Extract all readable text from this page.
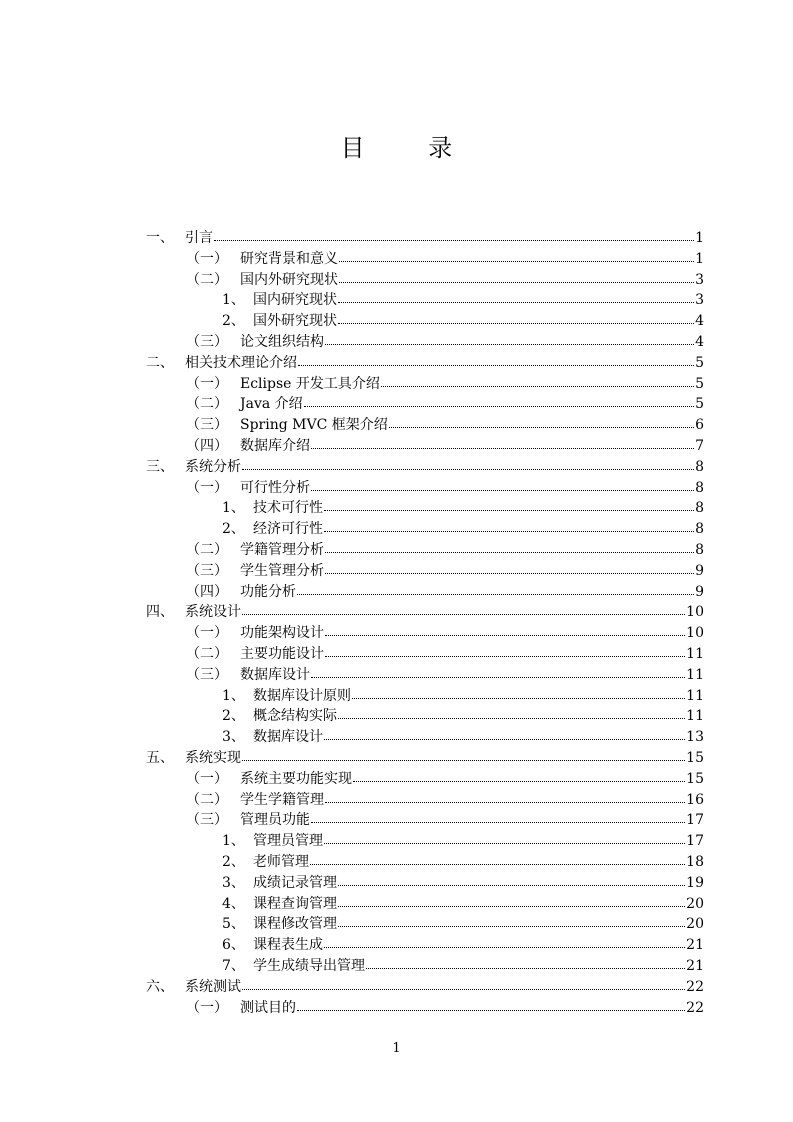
目 录
一、 引言	1
（一） 研究背景和意义	1
（二） 国内外研究现状	3
1、 国内研究现状	3
2、 国外研究现状	4
（三） 论文组织结构	4
二、 相关技术理论介绍	5
（一） Eclipse 开发工具介绍	5
（二） Java 介绍	5
（三） Spring MVC 框架介绍	6
（四） 数据库介绍	7
三、 系统分析	8
（一） 可行性分析	8
1、 技术可行性	8
2、 经济可行性	8
（二） 学籍管理分析	8
（三） 学生管理分析	9
（四） 功能分析	9
四、 系统设计	10
（一） 功能架构设计	10
（二） 主要功能设计	11
（三） 数据库设计	11
1、 数据库设计原则	11
2、 概念结构实际	11
3、 数据库设计	13
五、 系统实现	15
（一） 系统主要功能实现	15
（二） 学生学籍管理	16
（三） 管理员功能	17
1、 管理员管理	17
2、 老师管理	18
3、 成绩记录管理	19
4、 课程查询管理	20
5、 课程修改管理	20
6、 课程表生成	21
7、 学生成绩导出管理	21
六、 系统测试	22
（一） 测试目的	22
1
